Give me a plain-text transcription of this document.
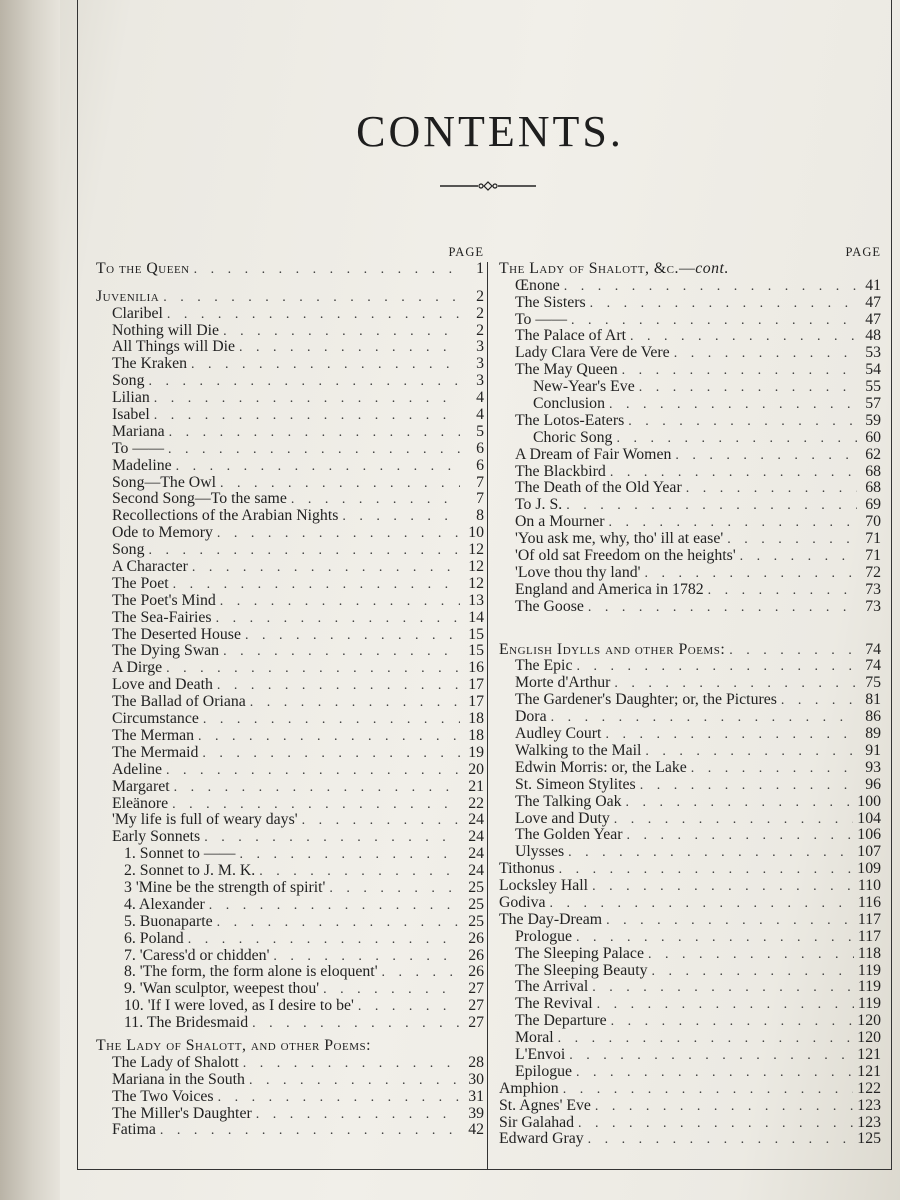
CONTENTS.
PAGE
To the Queen . . .	1
Juvenilia . . .	2
Claribel . . .	2
Nothing will Die . . .	2
All Things will Die . . .	3
The Kraken . . .	3
Song . . .	3
Lilian . . .	4
Isabel . . .	4
Mariana . . .	5
To —— . . .	6
Madeline . . .	6
Song—The Owl . . .	7
Second Song—To the same . . .	7
Recollections of the Arabian Nights . . .	8
Ode to Memory . . .	10
Song . . .	12
A Character . . .	12
The Poet . . .	12
The Poet's Mind . . .	13
The Sea-Fairies . . .	14
The Deserted House . . .	15
The Dying Swan . . .	15
A Dirge . . .	16
Love and Death . . .	17
The Ballad of Oriana . . .	17
Circumstance . . .	18
The Merman . . .	18
The Mermaid . . .	19
Adeline . . .	20
Margaret . . .	21
Eleänore . . .	22
'My life is full of weary days' . . .	24
Early Sonnets . . .	24
1. Sonnet to —— . . .	24
2. Sonnet to J. M. K. . . .	24
3 'Mine be the strength of spirit' . . .	25
4. Alexander . . .	25
5. Buonaparte . . .	25
6. Poland . . .	26
7. 'Caress'd or chidden' . . .	26
8. 'The form, the form alone is eloquent' . . .	26
9. 'Wan sculptor, weepest thou' . . .	27
10. 'If I were loved, as I desire to be' . . .	27
11. The Bridesmaid . . .	27
The Lady of Shalott, and other Poems:
The Lady of Shalott . . .	28
Mariana in the South . . .	30
The Two Voices . . .	31
The Miller's Daughter . . .	39
Fatima . . .	42
PAGE
The Lady of Shalott, &c.—cont.
Œnone . . .	41
The Sisters . . .	47
To —— . . .	47
The Palace of Art . . .	48
Lady Clara Vere de Vere . . .	53
The May Queen . . .	54
New-Year's Eve . . .	55
Conclusion . . .	57
The Lotos-Eaters . . .	59
Choric Song . . .	60
A Dream of Fair Women . . .	62
The Blackbird . . .	68
The Death of the Old Year . . .	68
To J. S. . . .	69
On a Mourner . . .	70
'You ask me, why, tho' ill at ease' . . .	71
'Of old sat Freedom on the heights' . . .	71
'Love thou thy land' . . .	72
England and America in 1782 . . .	73
The Goose . . .	73
English Idylls and other Poems: . . .	74
The Epic . . .	74
Morte d'Arthur . . .	75
The Gardener's Daughter; or, the Pictures . . .	81
Dora . . .	86
Audley Court . . .	89
Walking to the Mail . . .	91
Edwin Morris: or, the Lake . . .	93
St. Simeon Stylites . . .	96
The Talking Oak . . .	100
Love and Duty . . .	104
The Golden Year . . .	106
Ulysses . . .	107
Tithonus . . .	109
Locksley Hall . . .	110
Godiva . . .	116
The Day-Dream . . .	117
Prologue . . .	117
The Sleeping Palace . . .	118
The Sleeping Beauty . . .	119
The Arrival . . .	119
The Revival . . .	119
The Departure . . .	120
Moral . . .	120
L'Envoi . . .	121
Epilogue . . .	121
Amphion . . .	122
St. Agnes' Eve . . .	123
Sir Galahad . . .	123
Edward Gray . . .	125
